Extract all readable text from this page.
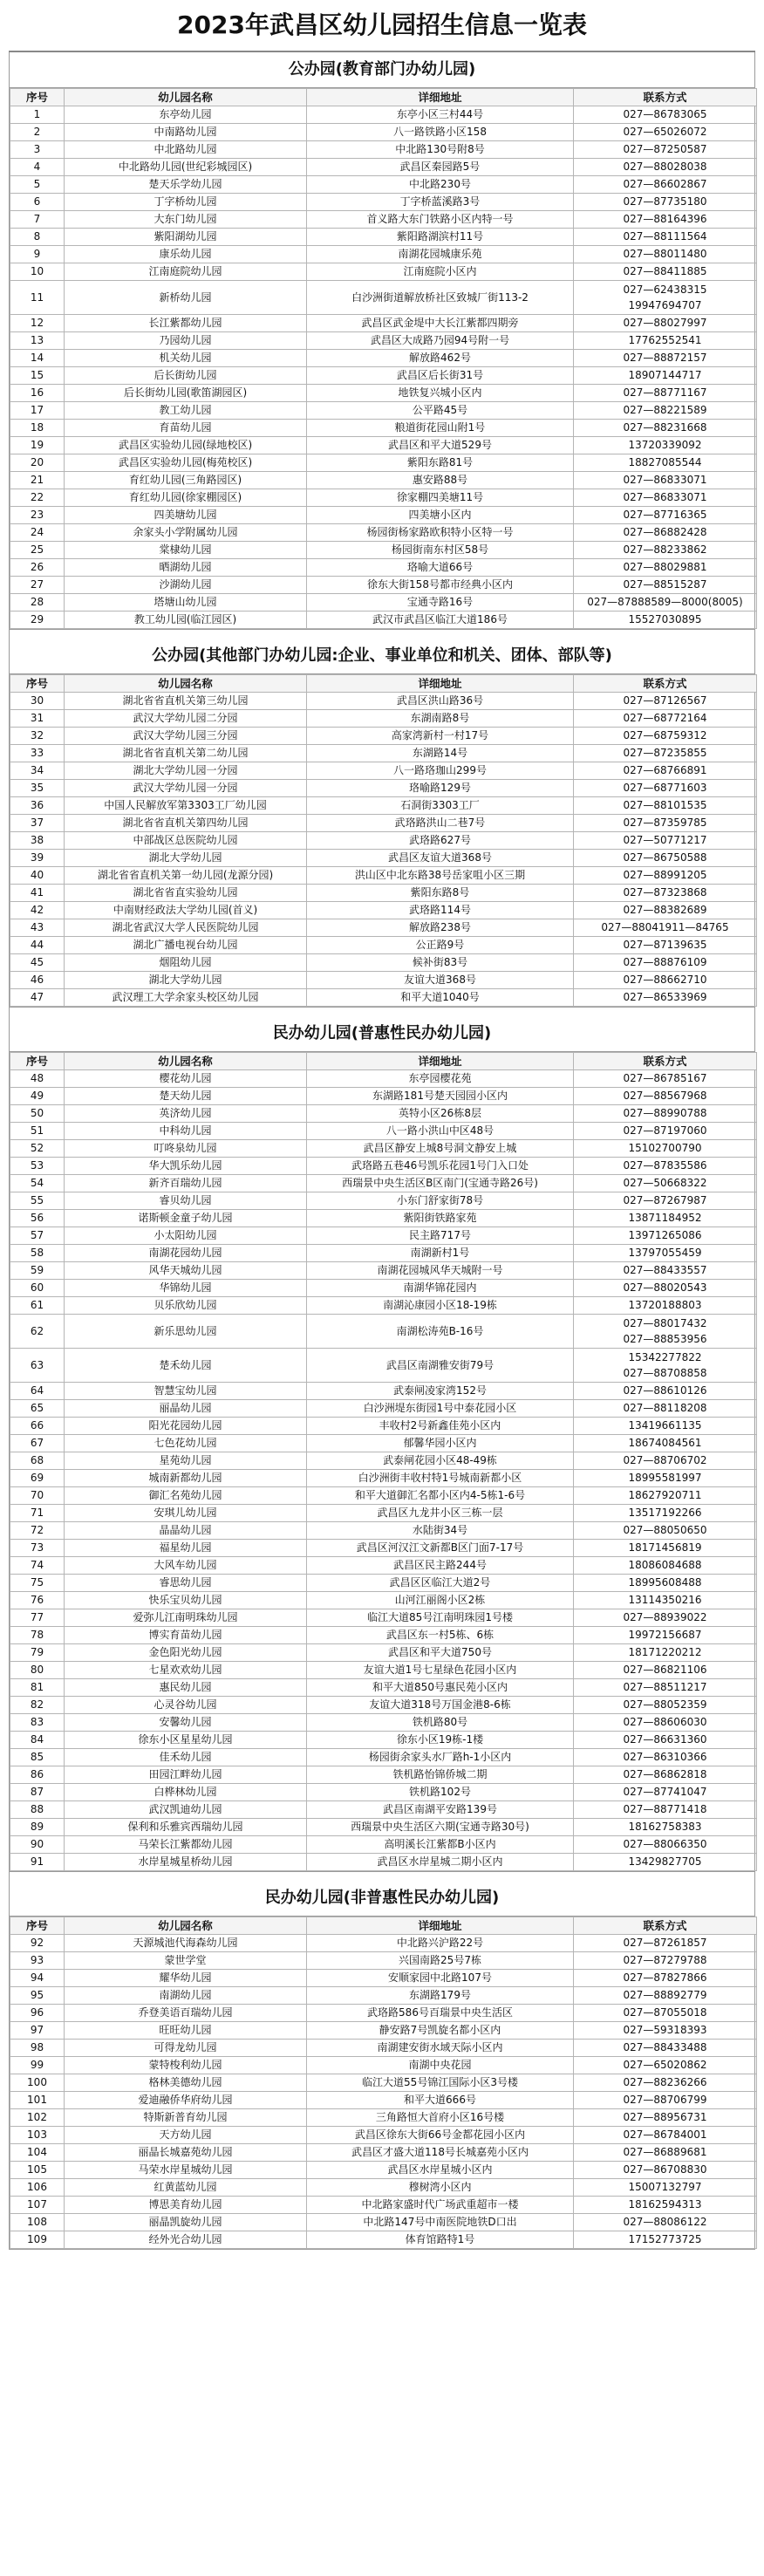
2023年武昌区幼儿园招生信息一览表
公办园(教育部门办幼儿园)
序号	幼儿园名称	详细地址	联系方式
1	东亭幼儿园	东亭小区三村44号	027—86783065
2	中南路幼儿园	八一路铁路小区158	027—65026072
3	中北路幼儿园	中北路130号附8号	027—87250587
4	中北路幼儿园(世纪彩城园区)	武昌区秦园路5号	027—88028038
5	楚天乐学幼儿园	中北路230号	027—86602867
6	丁字桥幼儿园	丁字桥蓝溪路3号	027—87735180
7	大东门幼儿园	首义路大东门铁路小区内特一号	027—88164396
8	紫阳湖幼儿园	紫阳路湖滨村11号	027—88111564
9	康乐幼儿园	南湖花园城康乐苑	027—88011480
10	江南庭院幼儿园	江南庭院小区内	027—88411885
11	新桥幼儿园	白沙洲街道解放桥社区致城厂街113-2	027—62438315
19947694707
12	长江紫都幼儿园	武昌区武金堤中大长江紫都四期旁	027—88027997
13	乃园幼儿园	武昌区大成路乃园94号附一号	17762552541
14	机关幼儿园	解放路462号	027—88872157
15	后长街幼儿园	武昌区后长街31号	18907144717
16	后长街幼儿园(歌笛湖园区)	地铁复兴城小区内	027—88771167
17	教工幼儿园	公平路45号	027—88221589
18	育苗幼儿园	粮道街花园山附1号	027—88231668
19	武昌区实验幼儿园(绿地校区)	武昌区和平大道529号	13720339092
20	武昌区实验幼儿园(梅苑校区)	紫阳东路81号	18827085544
21	育红幼儿园(三角路园区)	惠安路88号	027—86833071
22	育红幼儿园(徐家棚园区)	徐家棚四美塘11号	027—86833071
23	四美塘幼儿园	四美塘小区内	027—87716365
24	余家头小学附属幼儿园	杨园街杨家路欧积特小区特一号	027—86882428
25	棠棣幼儿园	杨园街南东村区58号	027—88233862
26	晒湖幼儿园	珞喻大道66号	027—88029881
27	沙湖幼儿园	徐东大街158号都市经典小区内	027—88515287
28	塔塘山幼儿园	宝通寺路16号	027—87888589—8000(8005)
29	教工幼儿园(临江园区)	武汉市武昌区临江大道186号	15527030895
公办园(其他部门办幼儿园:企业、事业单位和机关、团体、部队等)
序号	幼儿园名称	详细地址	联系方式
30	湖北省省直机关第三幼儿园	武昌区洪山路36号	027—87126567
31	武汉大学幼儿园二分园	东湖南路8号	027—68772164
32	武汉大学幼儿园三分园	高家湾新村一村17号	027—68759312
33	湖北省省直机关第二幼儿园	东湖路14号	027—87235855
34	湖北大学幼儿园一分园	八一路珞珈山299号	027—68766891
35	武汉大学幼儿园一分园	珞喻路129号	027—68771603
36	中国人民解放军第3303工厂幼儿园	石洞街3303工厂	027—88101535
37	湖北省省直机关第四幼儿园	武珞路洪山二巷7号	027—87359785
38	中部战区总医院幼儿园	武珞路627号	027—50771217
39	湖北大学幼儿园	武昌区友谊大道368号	027—86750588
40	湖北省省直机关第一幼儿园(龙源分园)	洪山区中北东路38号岳家咀小区三期	027—88991205
41	湖北省省直实验幼儿园	紫阳东路8号	027—87323868
42	中南财经政法大学幼儿园(首义)	武珞路114号	027—88382689
43	湖北省武汉大学人民医院幼儿园	解放路238号	027—88041911—84765
44	湖北广播电视台幼儿园	公正路9号	027—87139635
45	烟阻幼儿园	候补街83号	027—88876109
46	湖北大学幼儿园	友谊大道368号	027—88662710
47	武汉理工大学余家头校区幼儿园	和平大道1040号	027—86533969
民办幼儿园(普惠性民办幼儿园)
序号	幼儿园名称	详细地址	联系方式
48	樱花幼儿园	东亭园樱花苑	027—86785167
49	楚天幼儿园	东湖路181号楚天园园小区内	027—88567968
50	英济幼儿园	英特小区26栋8层	027—88990788
51	中科幼儿园	八一路小洪山中区48号	027—87197060
52	叮咚泉幼儿园	武昌区静安上城8号洞文静安上城	15102700790
53	华大凯乐幼儿园	武珞路五巷46号凯乐花园1号门入口处	027—87835586
54	新齐百瑞幼儿园	西瑞景中央生活区B区南门(宝通寺路26号)	027—50668322
55	睿贝幼儿园	小东门舒家街78号	027—87267987
56	诺斯顿金童子幼儿园	紫阳街铁路家苑	13871184952
57	小太阳幼儿园	民主路717号	13971265086
58	南湖花园幼儿园	南湖新村1号	13797055459
59	风华天城幼儿园	南湖花园城风华天城附一号	027—88433557
60	华锦幼儿园	南湖华锦花园内	027—88020543
61	贝乐欣幼儿园	南湖沁康园小区18-19栋	13720188803
62	新乐思幼儿园	南湖松涛苑B-16号	027—88017432
027—88853956
63	楚禾幼儿园	武昌区南湖雅安街79号	15342277822
027—88708858
64	智慧宝幼儿园	武泰闸凌家湾152号	027—88610126
65	丽晶幼儿园	白沙洲堤东街园1号中泰花园小区	027—88118208
66	阳光花园幼儿园	丰收村2号新鑫佳苑小区内	13419661135
67	七色花幼儿园	郁馨华园小区内	18674084561
68	星苑幼儿园	武泰闸花园小区48-49栋	027—88706702
69	城南新都幼儿园	白沙洲街丰收村特1号城南新都小区	18995581997
70	御汇名苑幼儿园	和平大道御汇名都小区内4-5栋1-6号	18627920711
71	安琪儿幼儿园	武昌区九龙井小区三栋一层	13517192266
72	晶晶幼儿园	水陆街34号	027—88050650
73	福星幼儿园	武昌区河汉江文新都B区门面7-17号	18171456819
74	大风车幼儿园	武昌区民主路244号	18086084688
75	睿思幼儿园	武昌区区临江大道2号	18995608488
76	快乐宝贝幼儿园	山河江丽阁小区2栋	13114350216
77	爱弥儿江南明珠幼儿园	临江大道85号江南明珠园1号楼	027—88939022
78	博实育苗幼儿园	武昌区东一村5栋、6栋	19972156687
79	金色阳光幼儿园	武昌区和平大道750号	18171220212
80	七星欢欢幼儿园	友谊大道1号七星绿色花园小区内	027—86821106
81	惠民幼儿园	和平大道850号惠民苑小区内	027—88511217
82	心灵谷幼儿园	友谊大道318号万国金港8-6栋	027—88052359
83	安馨幼儿园	铁机路80号	027—88606030
84	徐东小区星星幼儿园	徐东小区19栋-1楼	027—86631360
85	佳禾幼儿园	杨园街余家头水厂路h-1小区内	027—86310366
86	田园江畔幼儿园	铁机路怡锦侨城二期	027—86862818
87	白桦林幼儿园	铁机路102号	027—87741047
88	武汉凯迪幼儿园	武昌区南湖平安路139号	027—88771418
89	保利和乐雅宾西瑞幼儿园	西瑞景中央生活区六期(宝通寺路30号)	18162758383
90	马荣长江紫都幼儿园	高明溪长江紫都B小区内	027—88066350
91	水岸星城星桥幼儿园	武昌区水岸星城二期小区内	13429827705
民办幼儿园(非普惠性民办幼儿园)
序号	幼儿园名称	详细地址	联系方式
92	天源城池代海森幼儿园	中北路兴沪路22号	027—87261857
93	蒙世学堂	兴国南路25号7栋	027—87279788
94	耀华幼儿园	安顺家园中北路107号	027—87827866
95	南湖幼儿园	东湖路179号	027—88892779
96	乔登美语百瑞幼儿园	武珞路586号百瑞景中央生活区	027—87055018
97	旺旺幼儿园	静安路7号凯旋名都小区内	027—59318393
98	可得龙幼儿园	南湖建安街水域天际小区内	027—88433488
99	蒙特梭利幼儿园	南湖中央花园	027—65020862
100	格林美德幼儿园	临江大道55号锦江国际小区3号楼	027—88236266
101	爱迪融侨华府幼儿园	和平大道666号	027—88706799
102	特斯新普育幼儿园	三角路恒大首府小区16号楼	027—88956731
103	天方幼儿园	武昌区徐东大街66号金都花园小区内	027—86784001
104	丽晶长城嘉苑幼儿园	武昌区才盛大道118号长城嘉苑小区内	027—86889681
105	马荣水岸星城幼儿园	武昌区水岸星城小区内	027—86708830
106	红黄蓝幼儿园	穆树湾小区内	15007132797
107	博思美育幼儿园	中北路家盛时代广场武重超市一楼	18162594313
108	丽晶凯旋幼儿园	中北路147号中南医院地铁D口出	027—88086122
109	经外光合幼儿园	体育馆路特1号	17152773725
